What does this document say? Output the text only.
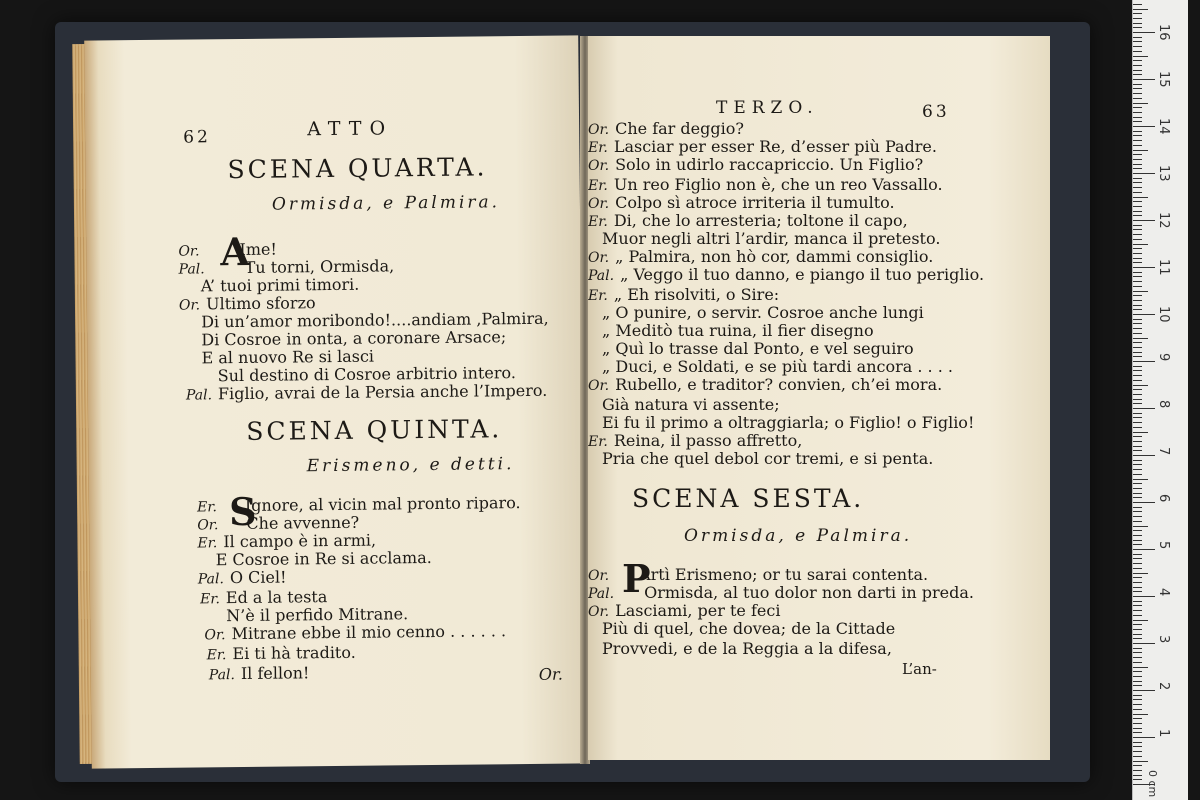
62	ATTO
SCENA QUARTA.
Ormisda, e Palmira.
A
Or. Ime!
Pal. Tu torni, Ormisda,
A’ tuoi primi timori.
Or. Ultimo sforzo
Di un’amor moribondo!....andiam ,Palmira,
Di Cosroe in onta, a coronare Arsace;
E al nuovo Re si lasci
Sul destino di Cosroe arbitrio intero.
Pal. Figlio, avrai de la Persia anche l’Impero.
SCENA QUINTA.
Erismeno, e detti.
S
Er. Ignore, al vicin mal pronto riparo.
Or. Che avvenne?
Er. Il campo è in armi,
E Cosroe in Re si acclama.
Pal. O Ciel!
Er. Ed a la testa
N’è il perfido Mitrane.
Or. Mitrane ebbe il mio cenno . . . . . .
Er. Ei ti hà tradito.
Pal. Il fellon!	Or.
TERZO.	63
Or. Che far deggio?
Er. Lasciar per esser Re, d’esser più Padre.
Or. Solo in udirlo raccapriccio. Un Figlio?
Er. Un reo Figlio non è, che un reo Vassallo.
Or. Colpo sì atroce irriteria il tumulto.
Er. Di, che lo arresteria; toltone il capo,
Muor negli altri l’ardir, manca il pretesto.
Or. „ Palmira, non hò cor, dammi consiglio.
Pal. „ Veggo il tuo danno, e piango il tuo periglio.
Er. „ Eh risolviti, o Sire:
„ O punire, o servir. Cosroe anche lungi
„ Meditò tua ruina, il fier disegno
„ Quì lo trasse dal Ponto, e vel seguiro
„ Duci, e Soldati, e se più tardi ancora . . . .
Or. Rubello, e traditor? convien, ch’ei mora.
Già natura vi assente;
Ei fu il primo a oltraggiarla; o Figlio! o Figlio!
Er. Reina, il passo affretto,
Pria che quel debol cor tremi, e si penta.
SCENA SESTA.
Ormisda, e Palmira.
P
Or. Artì Erismeno; or tu sarai contenta.
Pal. Ormisda, al tuo dolor non darti in preda.
Or. Lasciami, per te feci
Più di quel, che dovea; de la Cittade
Provvedi, e de la Reggia a la difesa,
L’an-
16
15
14
13
12
11
10
9
8
7
6
5
4
3
2
1
0 cm
